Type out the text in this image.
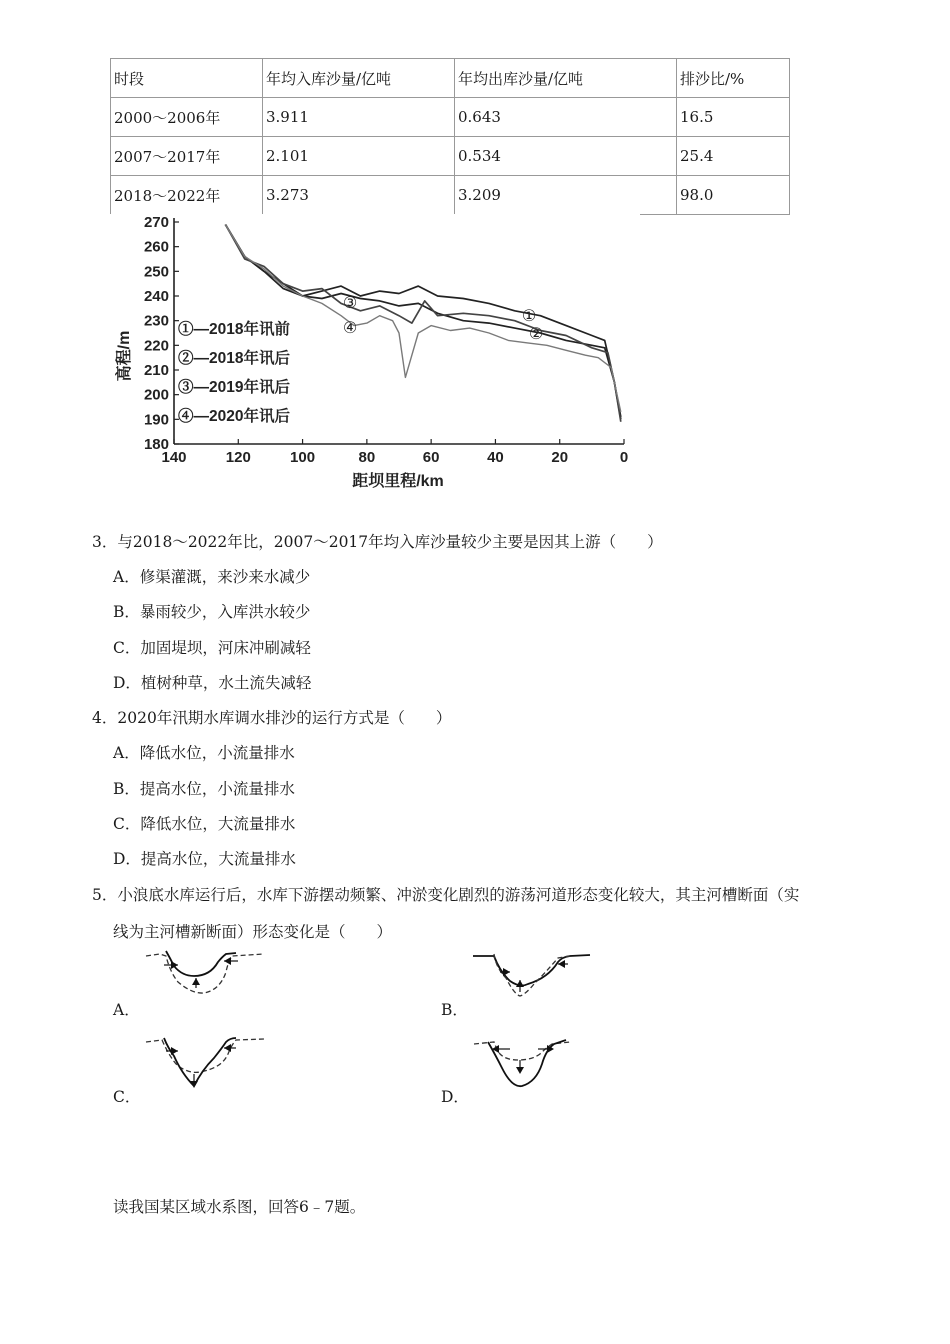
时段	年均入库沙量/亿吨	年均出库沙量/亿吨	排沙比/%
2000～2006年	3.911	0.643	16.5
2007～2017年	2.101	0.534	25.4
2018～2022年	3.273	3.209	98.0
高程/m
距坝里程/km
270
260
250
240
230
220
210
200
190
180
140	120	100	80	60	40	20	0
①—2018年讯前
②—2018年讯后
③—2019年讯后
④—2020年讯后
①
②
③
④
3．与2018～2022年比，2007～2017年均入库沙量较少主要是因其上游（　　）
A．修渠灌溉，来沙来水减少
B．暴雨较少，入库洪水较少
C．加固堤坝，河床冲刷减轻
D．植树种草，水土流失减轻
4．2020年汛期水库调水排沙的运行方式是（　　）
A．降低水位，小流量排水
B．提高水位，小流量排水
C．降低水位，大流量排水
D．提高水位，大流量排水
5．小浪底水库运行后，水库下游摆动频繁、冲淤变化剧烈的游荡河道形态变化较大，其主河槽断面（实
线为主河槽新断面）形态变化是（　　）
A．	B．
C．	D．
读我国某区域水系图，回答6﹣7题。
